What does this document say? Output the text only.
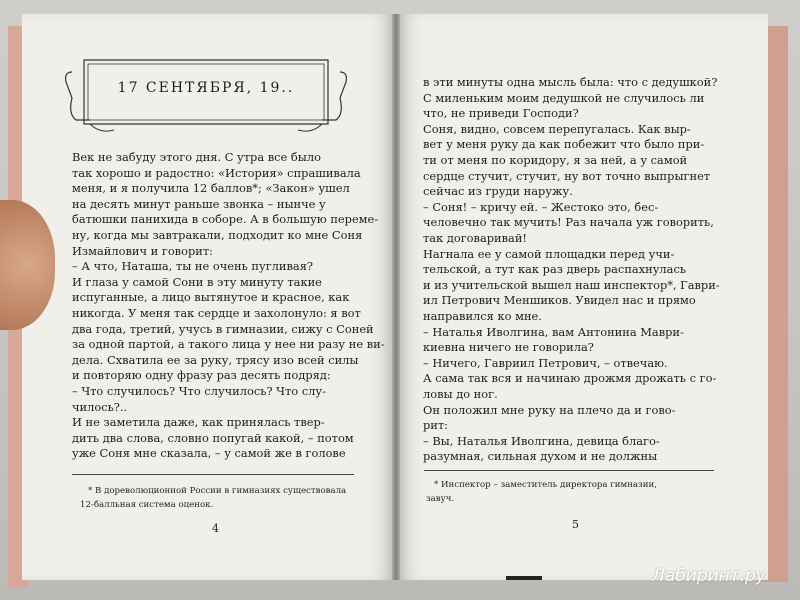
17 СЕНТЯБРЯ, 19..
Век не забуду этого дня. С утра все было
так хорошо и радостно: «История» спрашивала
меня, и я получила 12 баллов*; «Закон» ушел
на десять минут раньше звонка – нынче у
батюшки панихида в соборе. А в большую переме-
ну, когда мы завтракали, подходит ко мне Соня
Измайлович и говорит:
– А что, Наташа, ты не очень пугливая?
И глаза у самой Сони в эту минуту такие
испуганные, а лицо вытянутое и красное, как
никогда. У меня так сердце и захолонуло: я вот
два года, третий, учусь в гимназии, сижу с Соней
за одной партой, а такого лица у нее ни разу не ви-
дела. Схватила ее за руку, трясу изо всей силы
и повторяю одну фразу раз десять подряд:
– Что случилось? Что случилось? Что слу-
чилось?..
И не заметила даже, как принялась твер-
дить два слова, словно попугай какой, – потом
уже Соня мне сказала, – у самой же в голове
в эти минуты одна мысль была: что с дедушкой?
С миленьким моим дедушкой не случилось ли
что, не приведи Господи?
Соня, видно, совсем перепугалась. Как выр-
вет у меня руку да как побежит что было при-
ти от меня по коридору, я за ней, а у самой
сердце стучит, стучит, ну вот точно выпрыгнет
сейчас из груди наружу.
– Соня! – кричу ей. – Жестоко это, бес-
человечно так мучить! Раз начала уж говорить,
так договаривай!
Нагнала ее у самой площадки перед учи-
тельской, а тут как раз дверь распахнулась
и из учительской вышел наш инспектор*, Гаври-
ил Петрович Меншиков. Увидел нас и прямо
направился ко мне.
– Наталья Иволгина, вам Антонина Маври-
киевна ничего не говорила?
– Ничего, Гавриил Петрович, – отвечаю.
А сама так вся и начинаю дрожмя дрожать с го-
ловы до ног.
Он положил мне руку на плечо да и гово-
рит:
– Вы, Наталья Иволгина, девица благо-
разумная, сильная духом и не должны
* В дореволюционной России в гимназиях существовала
12-балльная система оценок.
4
* Инспектор – заместитель директора гимназии,
завуч.
5
Лабиринт.ру
